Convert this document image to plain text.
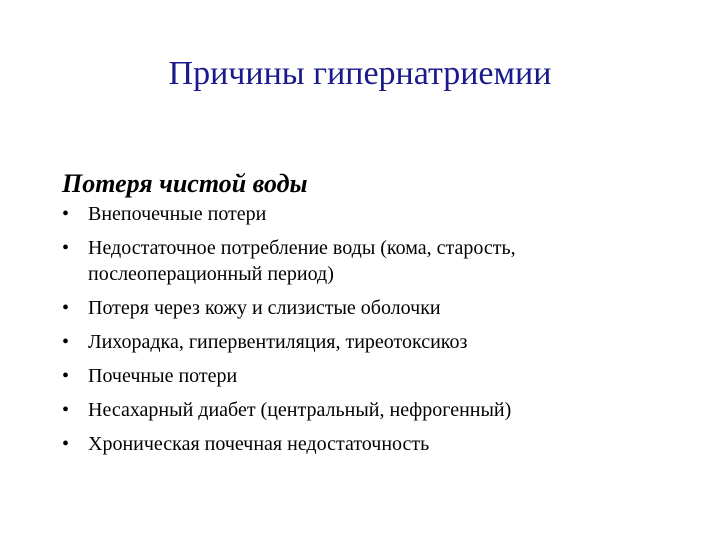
Причины гипернатриемии
Потеря чистой воды
• Внепочечные потери
• Недостаточное потребление воды (кома, старость, послеоперационный период)
• Потеря через кожу и слизистые оболочки
• Лихорадка, гипервентиляция, тиреотоксикоз
• Почечные потери
• Несахарный диабет (центральный, нефрогенный)
• Хроническая почечная недостаточность
